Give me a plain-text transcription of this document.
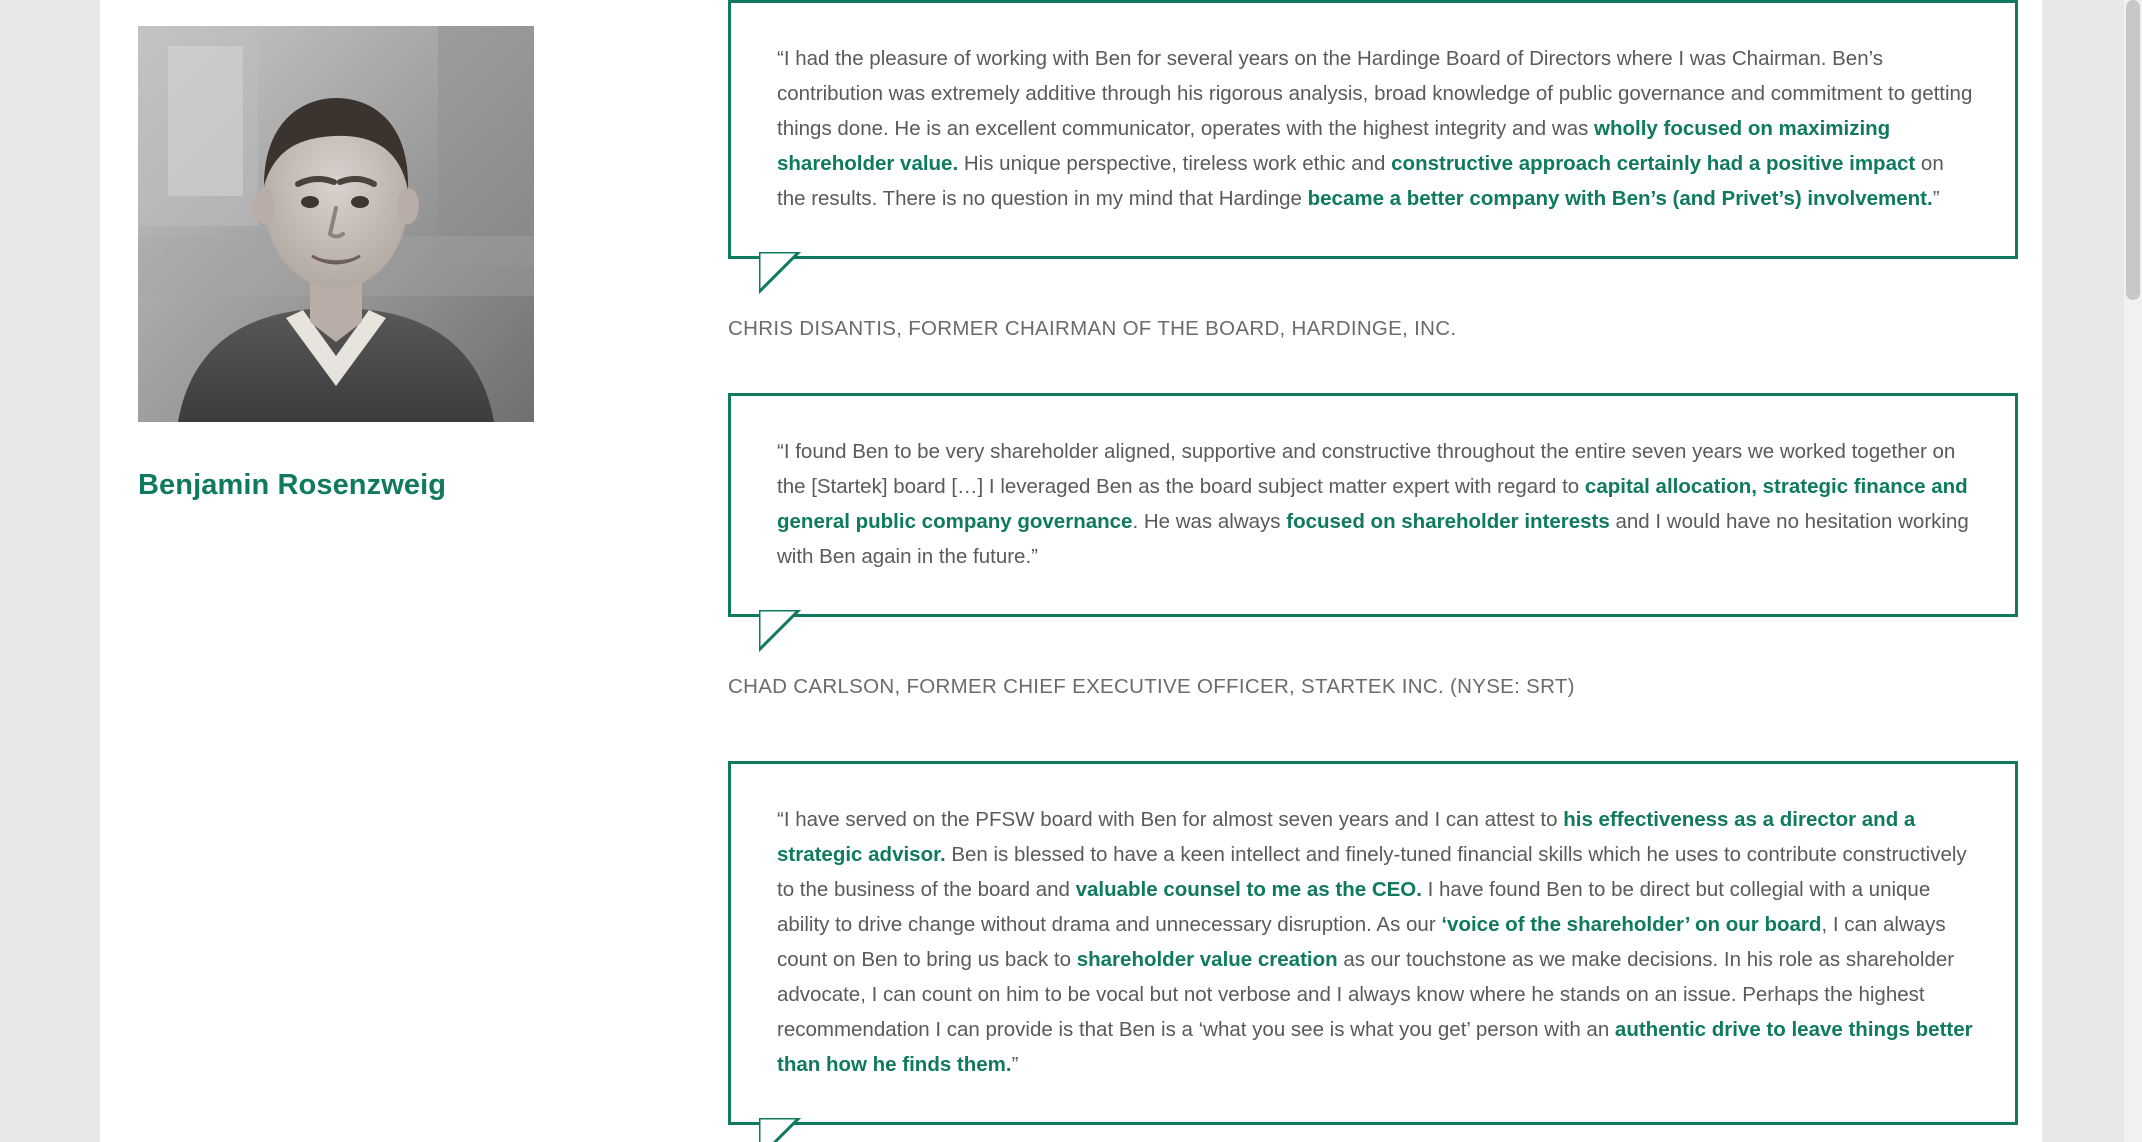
Benjamin Rosenzweig

“I had the pleasure of working with Ben for several years on the Hardinge Board of Directors where I was Chairman. Ben’s contribution was extremely additive through his rigorous analysis, broad knowledge of public governance and commitment to getting things done. He is an excellent communicator, operates with the highest integrity and was wholly focused on maximizing shareholder value. His unique perspective, tireless work ethic and constructive approach certainly had a positive impact on the results. There is no question in my mind that Hardinge became a better company with Ben’s (and Privet’s) involvement.”

CHRIS DISANTIS, FORMER CHAIRMAN OF THE BOARD, HARDINGE, INC.

“I found Ben to be very shareholder aligned, supportive and constructive throughout the entire seven years we worked together on the [Startek] board […] I leveraged Ben as the board subject matter expert with regard to capital allocation, strategic finance and general public company governance. He was always focused on shareholder interests and I would have no hesitation working with Ben again in the future.”

CHAD CARLSON, FORMER CHIEF EXECUTIVE OFFICER, STARTEK INC. (NYSE: SRT)

“I have served on the PFSW board with Ben for almost seven years and I can attest to his effectiveness as a director and a strategic advisor. Ben is blessed to have a keen intellect and finely-tuned financial skills which he uses to contribute constructively to the business of the board and valuable counsel to me as the CEO. I have found Ben to be direct but collegial with a unique ability to drive change without drama and unnecessary disruption. As our ‘voice of the shareholder’ on our board, I can always count on Ben to bring us back to shareholder value creation as our touchstone as we make decisions. In his role as shareholder advocate, I can count on him to be vocal but not verbose and I always know where he stands on an issue. Perhaps the highest recommendation I can provide is that Ben is a ‘what you see is what you get’ person with an authentic drive to leave things better than how he finds them.”
